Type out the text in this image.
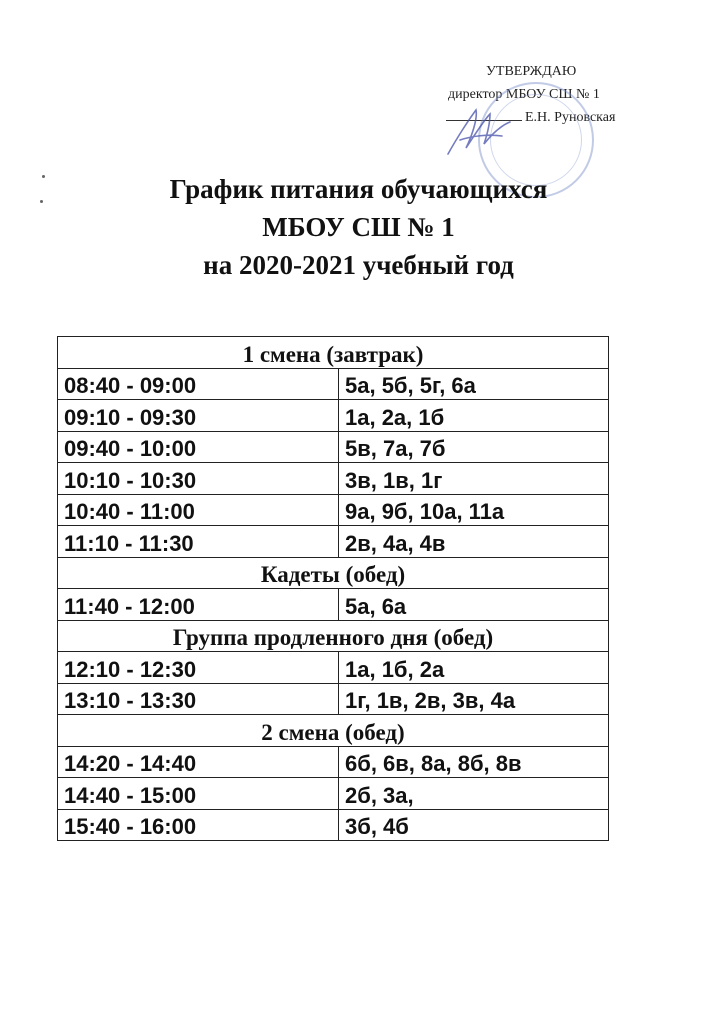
УТВЕРЖДАЮ
директор МБОУ СШ № 1
Е.Н. Руновская
График питания обучающихся
МБОУ СШ № 1
на 2020-2021 учебный год
1 смена (завтрак)	
08:40 - 09:00	5а, 5б, 5г, 6а
09:10 - 09:30	1а, 2а, 1б
09:40 - 10:00	5в, 7а, 7б
10:10 - 10:30	3в, 1в, 1г
10:40 - 11:00	9а, 9б, 10а, 11а
11:10 - 11:30	2в, 4а, 4в
Кадеты (обед)	
11:40 - 12:00	5а, 6а
Группа продленного дня (обед)	
12:10 - 12:30	1а, 1б, 2а
13:10 - 13:30	1г, 1в, 2в, 3в, 4а
2 смена (обед)	
14:20 - 14:40	6б, 6в, 8а, 8б, 8в
14:40 - 15:00	2б, 3а,
15:40 - 16:00	3б, 4б
